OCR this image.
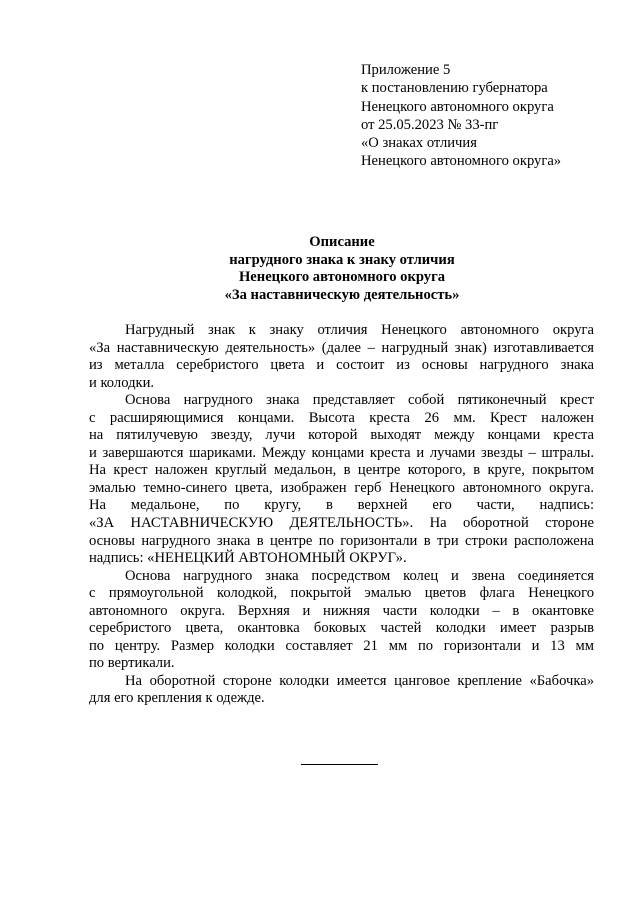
Приложение 5
к постановлению губернатора
Ненецкого автономного округа
от 25.05.2023 № 33-пг
«О знаках отличия
Ненецкого автономного округа»
Описание
нагрудного знака к знаку отличия
Ненецкого автономного округа
«За наставническую деятельность»
Нагрудный знак к знаку отличия Ненецкого автономного округа
«За наставническую деятельность» (далее – нагрудный знак) изготавливается
из металла серебристого цвета и состоит из основы нагрудного знака
и колодки.
Основа нагрудного знака представляет собой пятиконечный крест
с расширяющимися концами. Высота креста 26 мм. Крест наложен
на пятилучевую звезду, лучи которой выходят между концами креста
и завершаются шариками. Между концами креста и лучами звезды – штралы.
На крест наложен круглый медальон, в центре которого, в круге, покрытом
эмалью темно-синего цвета, изображен герб Ненецкого автономного округа.
На медальоне, по кругу, в верхней его части, надпись:
«ЗА НАСТАВНИЧЕСКУЮ ДЕЯТЕЛЬНОСТЬ». На оборотной стороне
основы нагрудного знака в центре по горизонтали в три строки расположена
надпись: «НЕНЕЦКИЙ АВТОНОМНЫЙ ОКРУГ».
Основа нагрудного знака посредством колец и звена соединяется
с прямоугольной колодкой, покрытой эмалью цветов флага Ненецкого
автономного округа. Верхняя и нижняя части колодки – в окантовке
серебристого цвета, окантовка боковых частей колодки имеет разрыв
по центру. Размер колодки составляет 21 мм по горизонтали и 13 мм
по вертикали.
На оборотной стороне колодки имеется цанговое крепление «Бабочка»
для его крепления к одежде.
